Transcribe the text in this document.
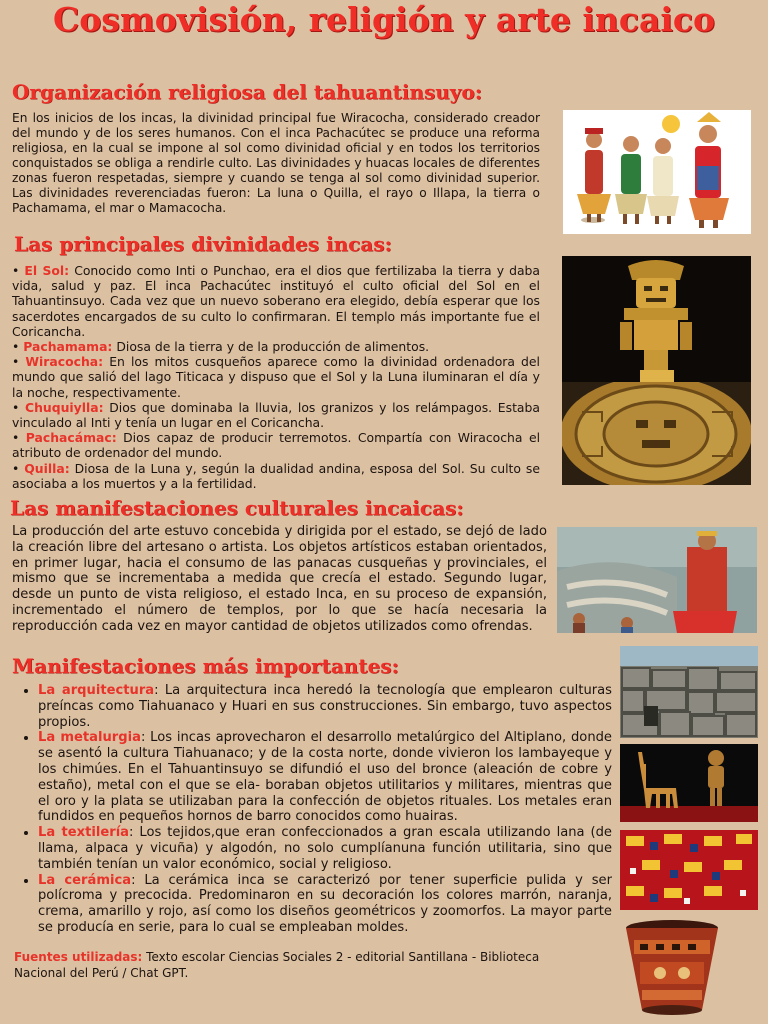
Cosmovisión, religión y arte incaico
Organización religiosa del tahuantinsuyo:
En los inicios de los incas, la divinidad principal fue Wiracocha, considerado creador del mundo y de los seres humanos. Con el inca Pachacútec se produce una reforma religiosa, en la cual se impone al sol como divinidad oficial y en todos los territorios conquistados se obliga a rendirle culto. Las divinidades y huacas locales de diferentes zonas fueron respetadas, siempre y cuando se tenga al sol como divinidad superior. Las divinidades reverenciadas fueron: La luna o Quilla, el rayo o Illapa, la tierra o Pachamama, el mar o Mamacocha.
Las principales divinidades incas:
• El Sol: Conocido como Inti o Punchao, era el dios que fertilizaba la tierra y daba vida, salud y paz. El inca Pachacútec instituyó el culto oficial del Sol en el Tahuantinsuyo. Cada vez que un nuevo soberano era elegido, debía esperar que los sacerdotes encargados de su culto lo confirmaran. El templo más importante fue el Coricancha.
• Pachamama: Diosa de la tierra y de la producción de alimentos.
• Wiracocha: En los mitos cusqueños aparece como la divinidad ordenadora del mundo que salió del lago Titicaca y dispuso que el Sol y la Luna iluminaran el día y la noche, respectivamente.
• Chuquiylla: Dios que dominaba la lluvia, los granizos y los relámpagos. Estaba vinculado al Inti y tenía un lugar en el Coricancha.
• Pachacámac: Dios capaz de producir terremotos. Compartía con Wiracocha el atributo de ordenador del mundo.
• Quilla: Diosa de la Luna y, según la dualidad andina, esposa del Sol. Su culto se asociaba a los muertos y a la fertilidad.
Las manifestaciones culturales incaicas:
La producción del arte estuvo concebida y dirigida por el estado, se dejó de lado la creación libre del artesano o artista. Los objetos artísticos estaban orientados, en primer lugar, hacia el consumo de las panacas cusqueñas y provinciales, el mismo que se incrementaba a medida que crecía el estado. Segundo lugar, desde un punto de vista religioso, el estado Inca, en su proceso de expansión, incrementado el número de templos, por lo que se hacía necesaria la reproducción cada vez en mayor cantidad de objetos utilizados como ofrendas.
Manifestaciones más importantes:
• La arquitectura: La arquitectura inca heredó la tecnología que emplearon culturas preíncas como Tiahuanaco y Huari en sus construcciones. Sin embargo, tuvo aspectos propios.
• La metalurgia: Los incas aprovecharon el desarrollo metalúrgico del Altiplano, donde se asentó la cultura Tiahuanaco; y de la costa norte, donde vivieron los lambayeque y los chimúes. En el Tahuantinsuyo se difundió el uso del bronce (aleación de cobre y estaño), metal con el que se ela- boraban objetos utilitarios y militares, mientras que el oro y la plata se utilizaban para la confección de objetos rituales. Los metales eran fundidos en pequeños hornos de barro conocidos como huairas.
• La textilería: Los tejidos,que eran confeccionados a gran escala utilizando lana (de llama, alpaca y vicuña) y algodón, no solo cumplíanuna función utilitaria, sino que también tenían un valor económico, social y religioso.
• La cerámica: La cerámica inca se caracterizó por tener superficie pulida y ser polícroma y precocida. Predominaron en su decoración los colores marrón, naranja, crema, amarillo y rojo, así como los diseños geométricos y zoomorfos. La mayor parte se producía en serie, para lo cual se empleaban moldes.
Fuentes utilizadas: Texto escolar Ciencias Sociales 2 - editorial Santillana - Biblioteca Nacional del Perú / Chat GPT.
